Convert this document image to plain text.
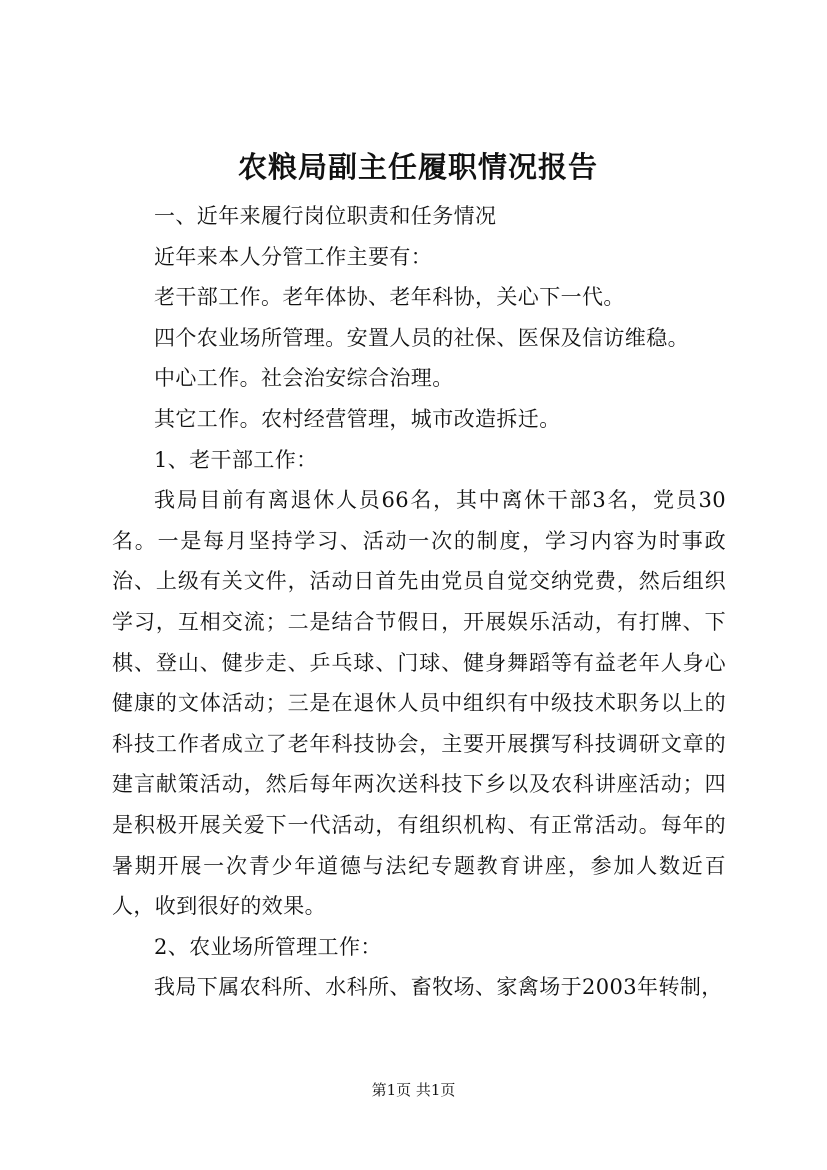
农粮局副主任履职情况报告

一、近年来履行岗位职责和任务情况

近年来本人分管工作主要有：

老干部工作。老年体协、老年科协，关心下一代。

四个农业场所管理。安置人员的社保、医保及信访维稳。

中心工作。社会治安综合治理。

其它工作。农村经营管理，城市改造拆迁。

1、老干部工作：

我局目前有离退休人员66名，其中离休干部3名，党员30名。一是每月坚持学习、活动一次的制度，学习内容为时事政治、上级有关文件，活动日首先由党员自觉交纳党费，然后组织学习，互相交流；二是结合节假日，开展娱乐活动，有打牌、下棋、登山、健步走、乒乓球、门球、健身舞蹈等有益老年人身心健康的文体活动；三是在退休人员中组织有中级技术职务以上的科技工作者成立了老年科技协会，主要开展撰写科技调研文章的建言献策活动，然后每年两次送科技下乡以及农科讲座活动；四是积极开展关爱下一代活动，有组织机构、有正常活动。每年的暑期开展一次青少年道德与法纪专题教育讲座，参加人数近百人，收到很好的效果。

2、农业场所管理工作：

我局下属农科所、水科所、畜牧场、家禽场于2003年转制，

第1页 共1页
